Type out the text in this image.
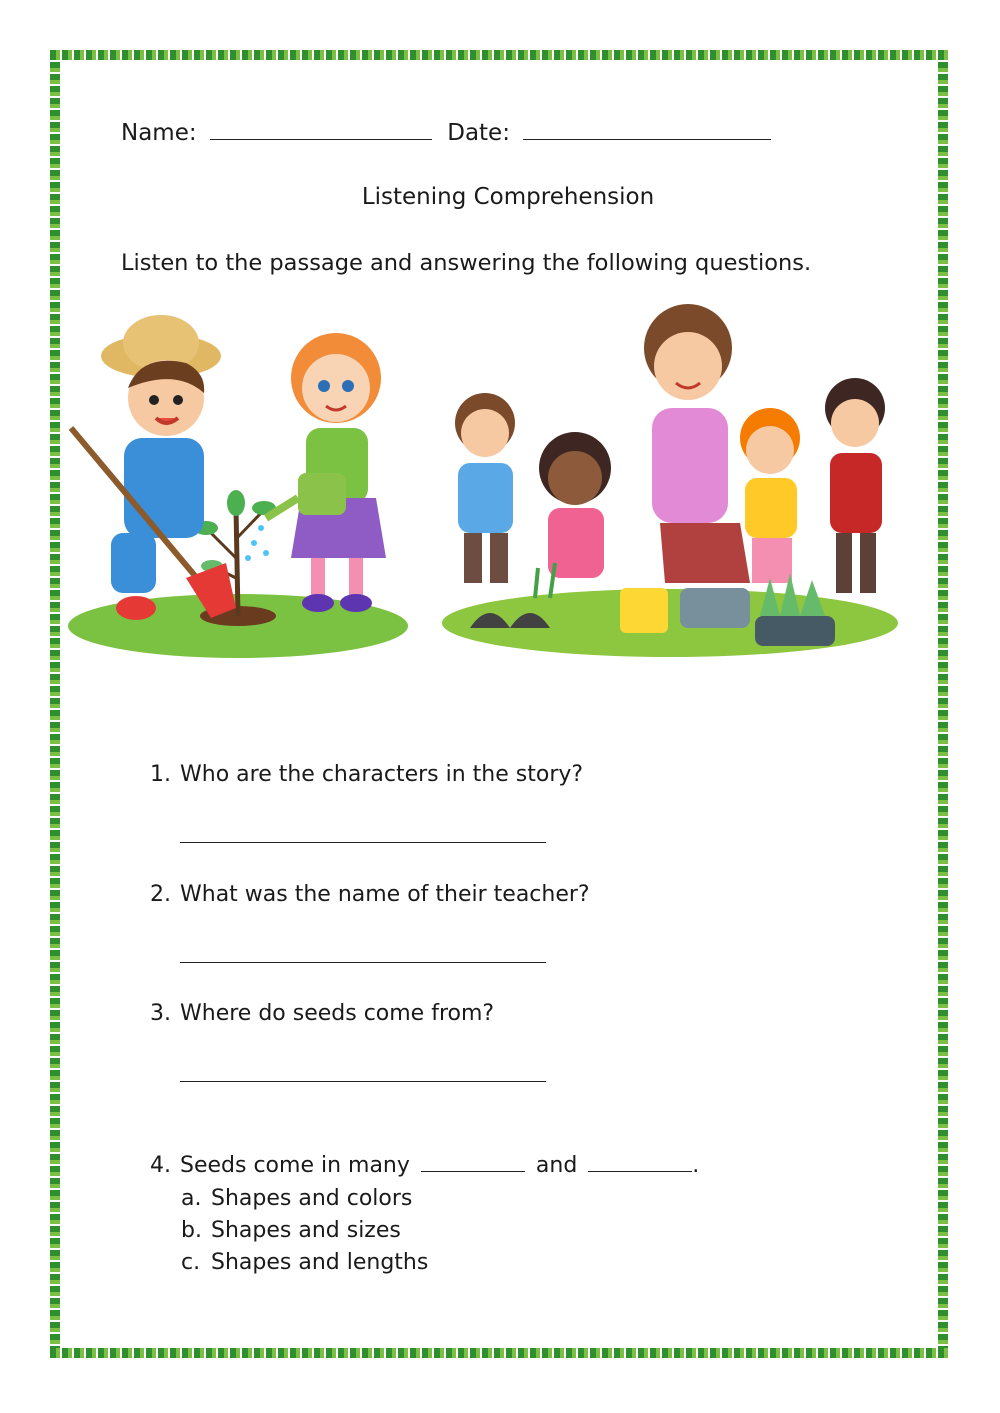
Name:	Date:
Listening Comprehension
Listen to the passage and answering the following questions.
1. Who are the characters in the story?
2. What was the name of their teacher?
3. Where do seeds come from?
4. Seeds come in many	and	.
a. Shapes and colors
b. Shapes and sizes
c. Shapes and lengths
